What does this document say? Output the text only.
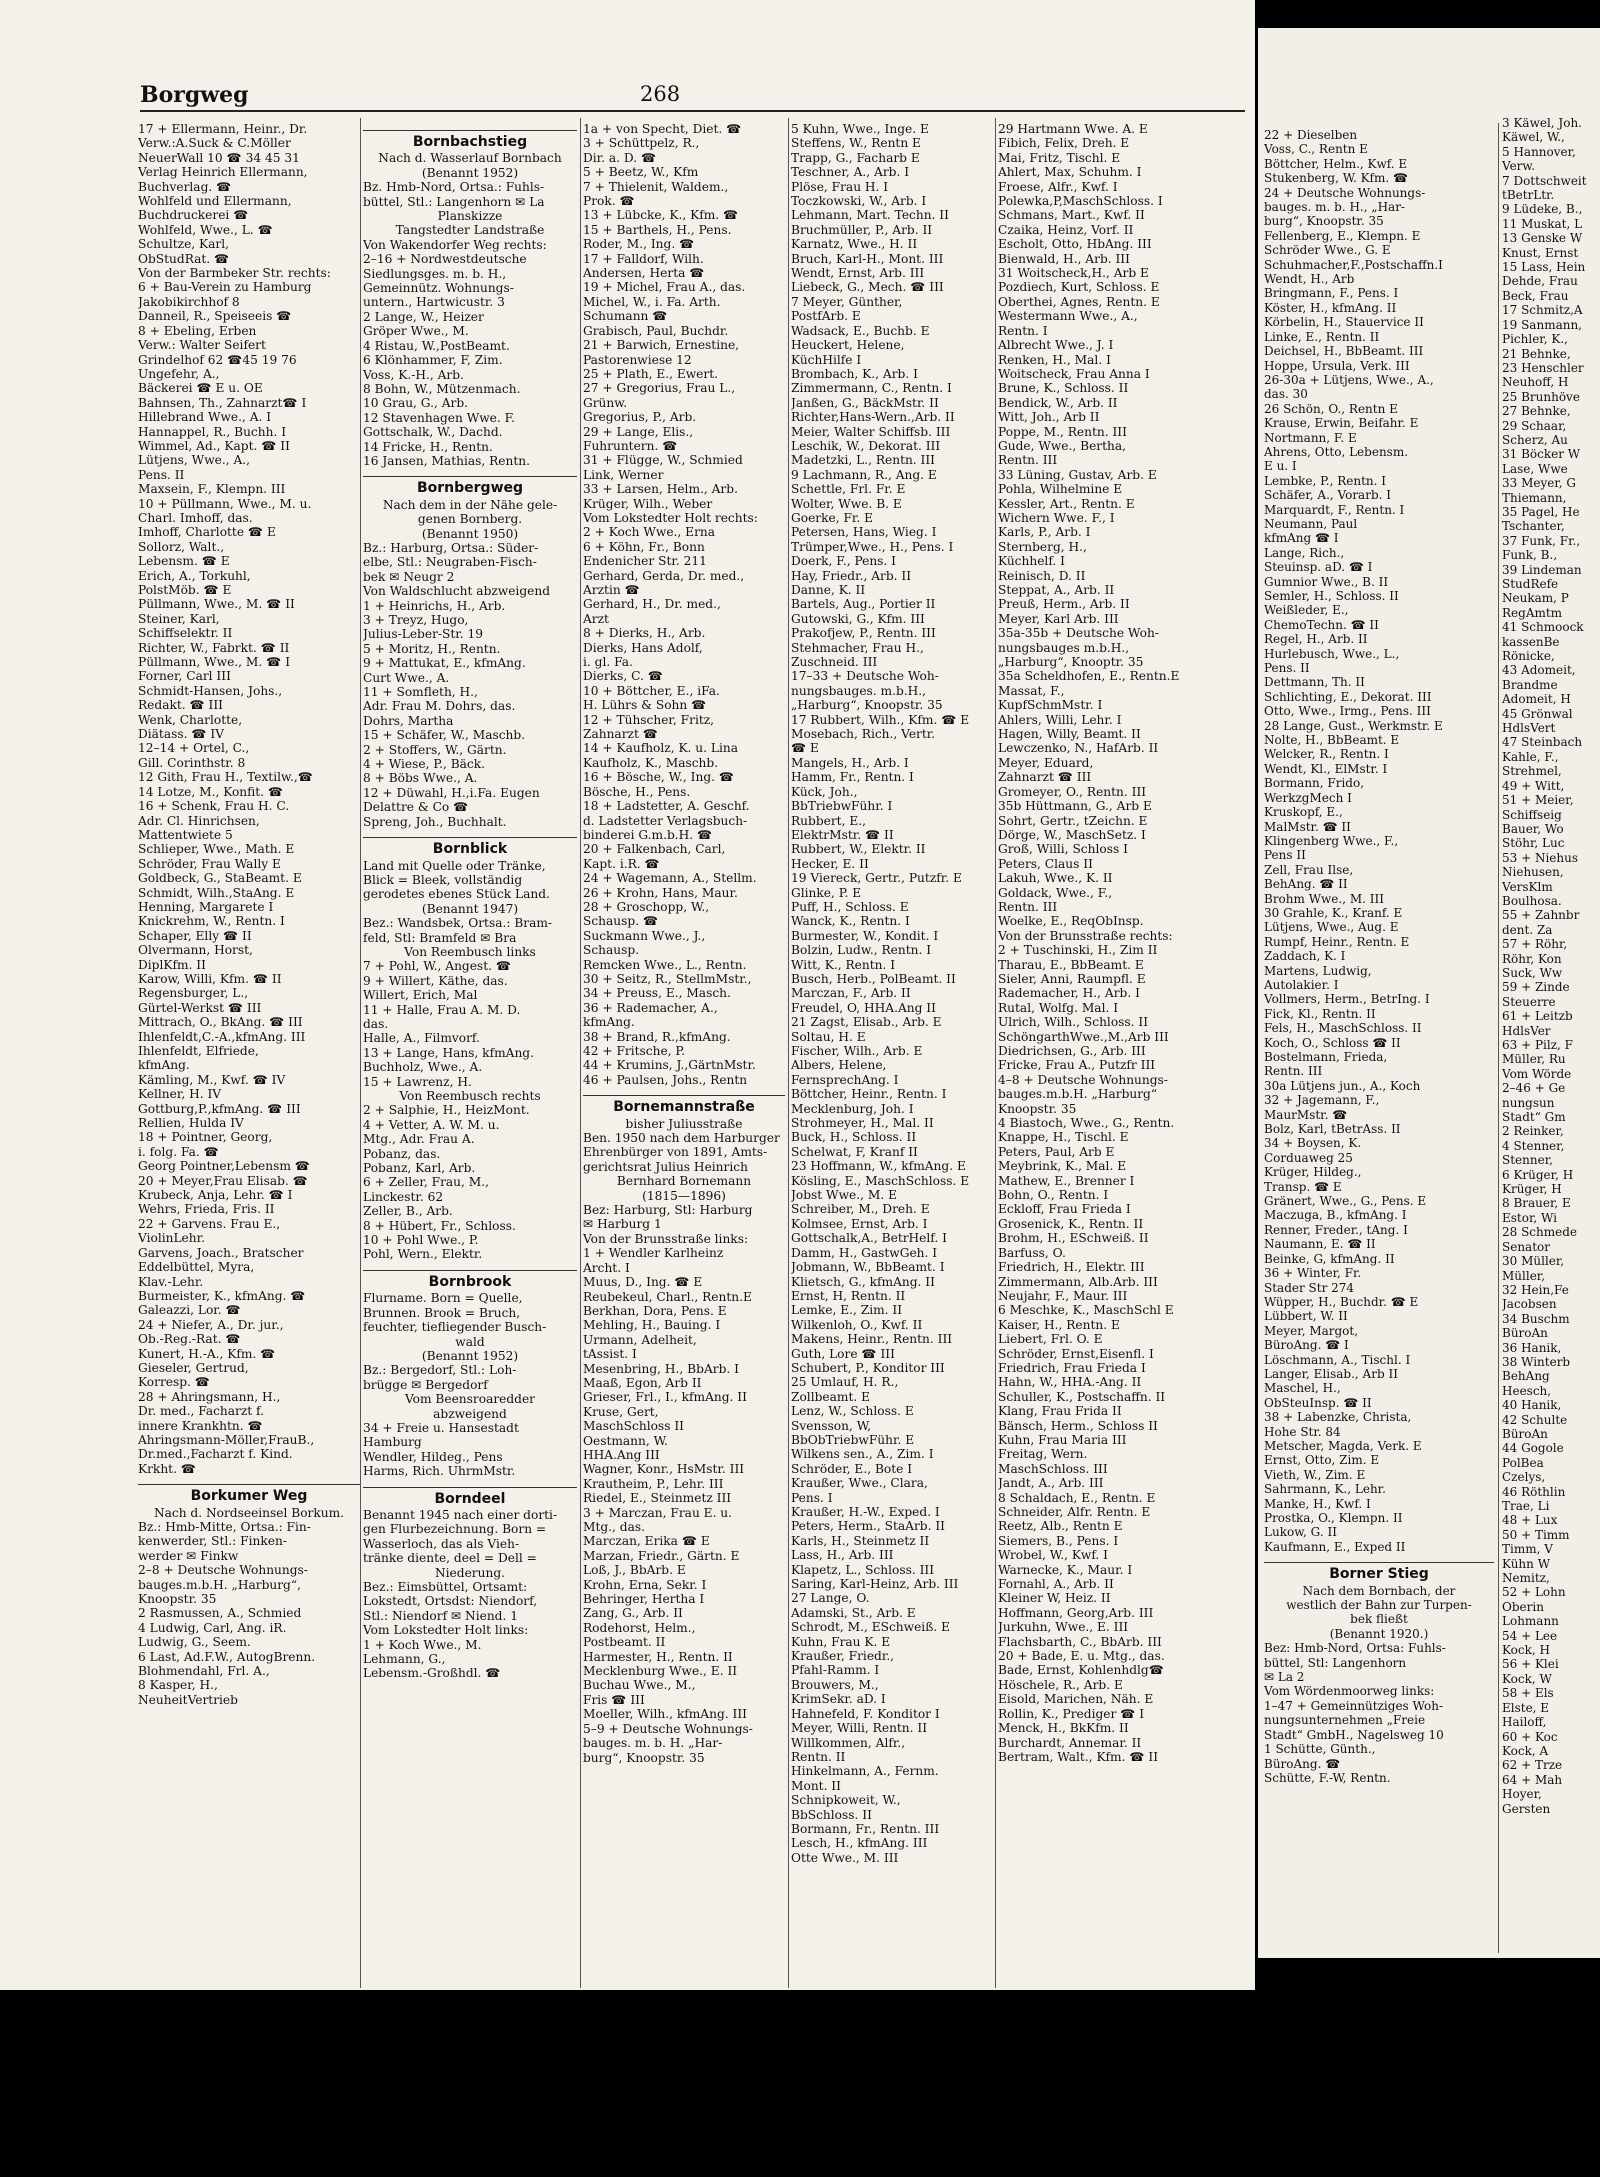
Borgweg	268
17 + Ellermann, Heinr., Dr.
Verw.:A.Suck & C.Möller
NeuerWall 10 ☎ 34 45 31
Verlag Heinrich Ellermann,
Buchverlag. ☎
Wohlfeld und Ellermann,
Buchdruckerei ☎
Wohlfeld, Wwe., L. ☎
Schultze, Karl,
ObStudRat. ☎
Von der Barmbeker Str. rechts:
6 + Bau-Verein zu Hamburg
Jakobikirchhof 8
Danneil, R., Speiseeis ☎
8 + Ebeling, Erben
Verw.: Walter Seifert
Grindelhof 62 ☎45 19 76
Ungefehr, A.,
Bäckerei ☎ E u. OE
Bahnsen, Th., Zahnarzt☎ I
Hillebrand Wwe., A. I
Hannappel, R., Buchh. I
Wimmel, Ad., Kapt. ☎ II
Lütjens, Wwe., A.,
Pens. II
Maxsein, F., Klempn. III
10 + Püllmann, Wwe., M. u.
Charl. Imhoff, das.
Imhoff, Charlotte ☎ E
Sollorz, Walt.,
Lebensm. ☎ E
Erich, A., Torkuhl,
PolstMöb. ☎ E
Püllmann, Wwe., M. ☎ II
Steiner, Karl,
Schiffselektr. II
Richter, W., Fabrkt. ☎ II
Püllmann, Wwe., M. ☎ I
Forner, Carl III
Schmidt-Hansen, Johs.,
Redakt. ☎ III
Wenk, Charlotte,
Diätass. ☎ IV
12–14 + Ortel, C.,
Gill. Corinthstr. 8
12 Gith, Frau H., Textilw.,☎
14 Lotze, M., Konfit. ☎
16 + Schenk, Frau H. C.
Adr. Cl. Hinrichsen,
Mattentwiete 5
Schlieper, Wwe., Math. E
Schröder, Frau Wally E
Goldbeck, G., StaBeamt. E
Schmidt, Wilh.,StaAng. E
Henning, Margarete I
Knickrehm, W., Rentn. I
Schaper, Elly ☎ II
Olvermann, Horst,
DiplKfm. II
Karow, Willi, Kfm. ☎ II
Regensburger, L.,
Gürtel-Werkst ☎ III
Mittrach, O., BkAng. ☎ III
Ihlenfeldt,C.-A.,kfmAng. III
Ihlenfeldt, Elfriede,
kfmAng.
Kämling, M., Kwf. ☎ IV
Kellner, H. IV
Gottburg,P.,kfmAng. ☎ III
Rellien, Hulda IV
18 + Pointner, Georg,
i. folg. Fa. ☎
Georg Pointner,Lebensm ☎
20 + Meyer,Frau Elisab. ☎
Krubeck, Anja, Lehr. ☎ I
Wehrs, Frieda, Fris. II
22 + Garvens. Frau E.,
ViolinLehr.
Garvens, Joach., Bratscher
Eddelbüttel, Myra,
Klav.-Lehr.
Burmeister, K., kfmAng. ☎
Galeazzi, Lor. ☎
24 + Niefer, A., Dr. jur.,
Ob.-Reg.-Rat. ☎
Kunert, H.-A., Kfm. ☎
Gieseler, Gertrud,
Korresp. ☎
28 + Ahringsmann, H.,
Dr. med., Facharzt f.
innere Krankhtn. ☎
Ahringsmann-Möller,FrauB.,
Dr.med.,Facharzt f. Kind.
Krkht. ☎
Borkumer Weg
Nach d. Nordseeinsel Borkum.
Bz.: Hmb-Mitte, Ortsa.: Fin-
kenwerder, Stl.: Finken-
werder ✉ Finkw
2–8 + Deutsche Wohnungs-
bauges.m.b.H. „Harburg“,
Knoopstr. 35
2 Rasmussen, A., Schmied
4 Ludwig, Carl, Ang. iR.
Ludwig, G., Seem.
6 Last, Ad.F.W., AutogBrenn.
Blohmendahl, Frl. A.,
8 Kasper, H.,
NeuheitVertrieb
Bornbachstieg
Nach d. Wasserlauf Bornbach
(Benannt 1952)
Bz. Hmb-Nord, Ortsa.: Fuhls-
büttel, Stl.: Langenhorn ✉ La
Planskizze
Tangstedter Landstraße
Von Wakendorfer Weg rechts:
2–16 + Nordwestdeutsche
Siedlungsges. m. b. H.,
Gemeinnütz. Wohnungs-
untern., Hartwicustr. 3
2 Lange, W., Heizer
Gröper Wwe., M.
4 Ristau, W.,PostBeamt.
6 Klönhammer, F, Zim.
Voss, K.-H., Arb.
8 Bohn, W., Mützenmach.
10 Grau, G., Arb.
12 Stavenhagen Wwe. F.
Gottschalk, W., Dachd.
14 Fricke, H., Rentn.
16 Jansen, Mathias, Rentn.
Bornbergweg
Nach dem in der Nähe gele-
genen Bornberg.
(Benannt 1950)
Bz.: Harburg, Ortsa.: Süder-
elbe, Stl.: Neugraben-Fisch-
bek ✉ Neugr 2
Von Waldschlucht abzweigend
1 + Heinrichs, H., Arb.
3 + Treyz, Hugo,
Julius-Leber-Str. 19
5 + Moritz, H., Rentn.
9 + Mattukat, E., kfmAng.
Curt Wwe., A.
11 + Somfleth, H.,
Adr. Frau M. Dohrs, das.
Dohrs, Martha
15 + Schäfer, W., Maschb.
2 + Stoffers, W., Gärtn.
4 + Wiese, P., Bäck.
8 + Böbs Wwe., A.
12 + Düwahl, H.,i.Fa. Eugen
Delattre & Co ☎
Spreng, Joh., Buchhalt.
Bornblick
Land mit Quelle oder Tränke,
Blick = Bleek, vollständig
gerodetes ebenes Stück Land.
(Benannt 1947)
Bez.: Wandsbek, Ortsa.: Bram-
feld, Stl: Bramfeld ✉ Bra
Von Reembusch links
7 + Pohl, W., Angest. ☎
9 + Willert, Käthe, das.
Willert, Erich, Mal
11 + Halle, Frau A. M. D.
das.
Halle, A., Filmvorf.
13 + Lange, Hans, kfmAng.
Buchholz, Wwe., A.
15 + Lawrenz, H.
Von Reembusch rechts
2 + Salphie, H., HeizMont.
4 + Vetter, A. W. M. u.
Mtg., Adr. Frau A.
Pobanz, das.
Pobanz, Karl, Arb.
6 + Zeller, Frau, M.,
Linckestr. 62
Zeller, B., Arb.
8 + Hübert, Fr., Schloss.
10 + Pohl Wwe., P.
Pohl, Wern., Elektr.
Bornbrook
Flurname. Born = Quelle,
Brunnen. Brook = Bruch,
feuchter, tiefliegender Busch-
wald
(Benannt 1952)
Bz.: Bergedorf, Stl.: Loh-
brügge ✉ Bergedorf
Vom Beensroaredder
abzweigend
34 + Freie u. Hansestadt
Hamburg
Wendler, Hildeg., Pens
Harms, Rich. UhrmMstr.
Borndeel
Benannt 1945 nach einer dorti-
gen Flurbezeichnung. Born =
Wasserloch, das als Vieh-
tränke diente, deel = Dell =
Niederung.
Bez.: Eimsbüttel, Ortsamt:
Lokstedt, Ortsdst: Niendorf,
Stl.: Niendorf ✉ Niend. 1
Vom Lokstedter Holt links:
1 + Koch Wwe., M.
Lehmann, G.,
Lebensm.-Großhdl. ☎
1a + von Specht, Diet. ☎
3 + Schüttpelz, R.,
Dir. a. D. ☎
5 + Beetz, W., Kfm
7 + Thielenit, Waldem.,
Prok. ☎
13 + Lübcke, K., Kfm. ☎
15 + Barthels, H., Pens.
Roder, M., Ing. ☎
17 + Falldorf, Wilh.
Andersen, Herta ☎
19 + Michel, Frau A., das.
Michel, W., i. Fa. Arth.
Schumann ☎
Grabisch, Paul, Buchdr.
21 + Barwich, Ernestine,
Pastorenwiese 12
25 + Plath, E., Ewert.
27 + Gregorius, Frau L.,
Grünw.
Gregorius, P., Arb.
29 + Lange, Elis.,
Fuhruntern. ☎
31 + Flügge, W., Schmied
Link, Werner
33 + Larsen, Helm., Arb.
Krüger, Wilh., Weber
Vom Lokstedter Holt rechts:
2 + Koch Wwe., Erna
6 + Köhn, Fr., Bonn
Endenicher Str. 211
Gerhard, Gerda, Dr. med.,
Arztin ☎
Gerhard, H., Dr. med.,
Arzt
8 + Dierks, H., Arb.
Dierks, Hans Adolf,
i. gl. Fa.
Dierks, C. ☎
10 + Böttcher, E., iFa.
H. Lührs & Sohn ☎
12 + Tühscher, Fritz,
Zahnarzt ☎
14 + Kaufholz, K. u. Lina
Kaufholz, K., Maschb.
16 + Bösche, W., Ing. ☎
Bösche, H., Pens.
18 + Ladstetter, A. Geschf.
d. Ladstetter Verlagsbuch-
binderei G.m.b.H. ☎
20 + Falkenbach, Carl,
Kapt. i.R. ☎
24 + Wagemann, A., Stellm.
26 + Krohn, Hans, Maur.
28 + Groschopp, W.,
Schausp. ☎
Suckmann Wwe., J.,
Schausp.
Remcken Wwe., L., Rentn.
30 + Seitz, R., StellmMstr.,
34 + Preuss, E., Masch.
36 + Rademacher, A.,
kfmAng.
38 + Brand, R.,kfmAng.
42 + Fritsche, P.
44 + Krumins, J.,GärtnMstr.
46 + Paulsen, Johs., Rentn
Bornemannstraße
bisher Juliusstraße
Ben. 1950 nach dem Harburger
Ehrenbürger von 1891, Amts-
gerichtsrat Julius Heinrich
Bernhard Bornemann
(1815—1896)
Bez: Harburg, Stl: Harburg
✉ Harburg 1
Von der Brunsstraße links:
1 + Wendler Karlheinz
Archt. I
Muus, D., Ing. ☎ E
Reubekeul, Charl., Rentn.E
Berkhan, Dora, Pens. E
Mehling, H., Bauing. I
Urmann, Adelheit,
tAssist. I
Mesenbring, H., BbArb. I
Maaß, Egon, Arb II
Grieser, Frl., I., kfmAng. II
Kruse, Gert,
MaschSchloss II
Oestmann, W.
HHA.Ang III
Wagner, Konr., HsMstr. III
Krautheim, P., Lehr. III
Riedel, E., Steinmetz III
3 + Marczan, Frau E. u.
Mtg., das.
Marczan, Erika ☎ E
Marzan, Friedr., Gärtn. E
Loß, J., BbArb. E
Krohn, Erna, Sekr. I
Behringer, Hertha I
Zang, G., Arb. II
Rodehorst, Helm.,
Postbeamt. II
Harmester, H., Rentn. II
Mecklenburg Wwe., E. II
Buchau Wwe., M.,
Fris ☎ III
Moeller, Wilh., kfmAng. III
5–9 + Deutsche Wohnungs-
bauges. m. b. H. „Har-
burg“, Knoopstr. 35
5 Kuhn, Wwe., Inge. E
Steffens, W., Rentn E
Trapp, G., Facharb E
Teschner, A., Arb. I
Plöse, Frau H. I
Toczkowski, W., Arb. I
Lehmann, Mart. Techn. II
Bruchmüller, P., Arb. II
Karnatz, Wwe., H. II
Bruch, Karl-H., Mont. III
Wendt, Ernst, Arb. III
Liebeck, G., Mech. ☎ III
7 Meyer, Günther,
PostfArb. E
Wadsack, E., Buchb. E
Heuckert, Helene,
KüchHilfe I
Brombach, K., Arb. I
Zimmermann, C., Rentn. I
Janßen, G., BäckMstr. II
Richter,Hans-Wern.,Arb. II
Meier, Walter Schiffsb. III
Leschik, W., Dekorat. III
Madetzki, L., Rentn. III
9 Lachmann, R., Ang. E
Schettle, Frl. Fr. E
Wolter, Wwe. B. E
Goerke, Fr. E
Petersen, Hans, Wieg. I
Trümper,Wwe., H., Pens. I
Doerk, F., Pens. I
Hay, Friedr., Arb. II
Danne, K. II
Bartels, Aug., Portier II
Gutowski, G., Kfm. III
Prakofjew, P., Rentn. III
Stehmacher, Frau H.,
Zuschneid. III
17–33 + Deutsche Woh-
nungsbauges. m.b.H.,
„Harburg“, Knoopstr. 35
17 Rubbert, Wilh., Kfm. ☎ E
Mosebach, Rich., Vertr.
☎ E
Mangels, H., Arb. I
Hamm, Fr., Rentn. I
Kück, Joh.,
BbTriebwFühr. I
Rubbert, E.,
ElektrMstr. ☎ II
Rubbert, W., Elektr. II
Hecker, E. II
19 Viereck, Gertr., Putzfr. E
Glinke, P. E
Puff, H., Schloss. E
Wanck, K., Rentn. I
Burmester, W., Kondit. I
Bolzin, Ludw., Rentn. I
Witt, K., Rentn. I
Busch, Herb., PolBeamt. II
Marczan, F., Arb. II
Freudel, O, HHA.Ang II
21 Zagst, Elisab., Arb. E
Soltau, H. E
Fischer, Wilh., Arb. E
Albers, Helene,
FernsprechAng. I
Böttcher, Heinr., Rentn. I
Mecklenburg, Joh. I
Strohmeyer, H., Mal. II
Buck, H., Schloss. II
Schelwat, F, Kranf II
23 Hoffmann, W., kfmAng. E
Kösling, E., MaschSchloss. E
Jobst Wwe., M. E
Schreiber, M., Dreh. E
Kolmsee, Ernst, Arb. I
Gottschalk,A., BetrHelf. I
Damm, H., GastwGeh. I
Jobmann, W., BbBeamt. I
Klietsch, G., kfmAng. II
Ernst, H, Rentn. II
Lemke, E., Zim. II
Wilkenloh, O., Kwf. II
Makens, Heinr., Rentn. III
Guth, Lore ☎ III
Schubert, P., Konditor III
25 Umlauf, H. R.,
Zollbeamt. E
Lenz, W., Schloss. E
Svensson, W,
BbObTriebwFühr. E
Wilkens sen., A., Zim. I
Schröder, E., Bote I
Kraußer, Wwe., Clara,
Pens. I
Kraußer, H.-W., Exped. I
Peters, Herm., StaArb. II
Karls, H., Steinmetz II
Lass, H., Arb. III
Klapetz, L., Schloss. III
Saring, Karl-Heinz, Arb. III
27 Lange, O.
Adamski, St., Arb. E
Schrodt, M., ESchweiß. E
Kuhn, Frau K. E
Kraußer, Friedr.,
Pfahl-Ramm. I
Brouwers, M.,
KrimSekr. aD. I
Hahnefeld, F. Konditor I
Meyer, Willi, Rentn. II
Willkommen, Alfr.,
Rentn. II
Hinkelmann, A., Fernm.
Mont. II
Schnipkoweit, W.,
BbSchloss. II
Bormann, Fr., Rentn. III
Lesch, H., kfmAng. III
Otte Wwe., M. III
29 Hartmann Wwe. A. E
Fibich, Felix, Dreh. E
Mai, Fritz, Tischl. E
Ahlert, Max, Schuhm. I
Froese, Alfr., Kwf. I
Polewka,P,MaschSchloss. I
Schmans, Mart., Kwf. II
Czaika, Heinz, Vorf. II
Escholt, Otto, HbAng. III
Bienwald, H., Arb. III
31 Woitscheck,H., Arb E
Pozdiech, Kurt, Schloss. E
Oberthei, Agnes, Rentn. E
Westermann Wwe., A.,
Rentn. I
Albrecht Wwe., J. I
Renken, H., Mal. I
Woitscheck, Frau Anna I
Brune, K., Schloss. II
Bendick, W., Arb. II
Witt, Joh., Arb II
Poppe, M., Rentn. III
Gude, Wwe., Bertha,
Rentn. III
33 Lüning, Gustav, Arb. E
Pohla, Wilhelmine E
Kessler, Art., Rentn. E
Wichern Wwe. F., I
Karls, P., Arb. I
Sternberg, H.,
Küchhelf. I
Reinisch, D. II
Steppat, A., Arb. II
Preuß, Herm., Arb. II
Meyer, Karl Arb. III
35a-35b + Deutsche Woh-
nungsbauges m.b.H.,
„Harburg“, Knooptr. 35
35a Scheldhofen, E., Rentn.E
Massat, F.,
KupfSchmMstr. I
Ahlers, Willi, Lehr. I
Hagen, Willy, Beamt. II
Lewczenko, N., HafArb. II
Meyer, Eduard,
Zahnarzt ☎ III
Gromeyer, O., Rentn. III
35b Hüttmann, G., Arb E
Sohrt, Gertr., tZeichn. E
Dörge, W., MaschSetz. I
Groß, Willi, Schloss I
Peters, Claus II
Lakuh, Wwe., K. II
Goldack, Wwe., F.,
Rentn. III
Woelke, E., ReqObInsp.
Von der Brunsstraße rechts:
2 + Tuschinski, H., Zim II
Tharau, E., BbBeamt. E
Sieler, Anni, Raumpfl. E
Rademacher, H., Arb. I
Rutal, Wolfg. Mal. I
Ulrich, Wilh., Schloss. II
SchöngarthWwe.,M.,Arb III
Diedrichsen, G., Arb. III
Fricke, Frau A., Putzfr III
4–8 + Deutsche Wohnungs-
bauges.m.b.H. „Harburg“
Knoopstr. 35
4 Biastoch, Wwe., G., Rentn.
Knappe, H., Tischl. E
Peters, Paul, Arb E
Meybrink, K., Mal. E
Mathew, E., Brenner I
Bohn, O., Rentn. I
Eckloff, Frau Frieda I
Grosenick, K., Rentn. II
Brohm, H., ESchweiß. II
Barfuss, O.
Friedrich, H., Elektr. III
Zimmermann, Alb.Arb. III
Neujahr, F., Maur. III
6 Meschke, K., MaschSchl E
Kaiser, H., Rentn. E
Liebert, Frl. O. E
Schröder, Ernst,Eisenfl. I
Friedrich, Frau Frieda I
Hahn, W., HHA.-Ang. II
Schuller, K., Postschaffn. II
Klang, Frau Frida II
Bänsch, Herm., Schloss II
Kuhn, Frau Maria III
Freitag, Wern.
MaschSchloss. III
Jandt, A., Arb. III
8 Schaldach, E., Rentn. E
Schneider, Alfr. Rentn. E
Reetz, Alb., Rentn E
Siemers, B., Pens. I
Wrobel, W., Kwf. I
Warnecke, K., Maur. I
Fornahl, A., Arb. II
Kleiner W, Heiz. II
Hoffmann, Georg,Arb. III
Jurkuhn, Wwe., E. III
Flachsbarth, C., BbArb. III
20 + Bade, E. u. Mtg., das.
Bade, Ernst, Kohlenhdlg☎
Höschele, R., Arb. E
Eisold, Marichen, Näh. E
Rollin, K., Prediger ☎ I
Menck, H., BkKfm. II
Burchardt, Annemar. II
Bertram, Walt., Kfm. ☎ II
22 + Dieselben
Voss, C., Rentn E
Böttcher, Helm., Kwf. E
Stukenberg, W. Kfm. ☎
24 + Deutsche Wohnungs-
bauges. m. b. H., „Har-
burg“, Knoopstr. 35
Fellenberg, E., Klempn. E
Schröder Wwe., G. E
Schuhmacher,F.,Postschaffn.I
Wendt, H., Arb
Bringmann, F., Pens. I
Köster, H., kfmAng. II
Körbelin, H., Stauervice II
Linke, E., Rentn. II
Deichsel, H., BbBeamt. III
Hoppe, Ursula, Verk. III
26-30a + Lütjens, Wwe., A.,
das. 30
26 Schön, O., Rentn E
Krause, Erwin, Beifahr. E
Nortmann, F. E
Ahrens, Otto, Lebensm.
E u. I
Lembke, P., Rentn. I
Schäfer, A., Vorarb. I
Marquardt, F., Rentn. I
Neumann, Paul
kfmAng ☎ I
Lange, Rich.,
Steuinsp. aD. ☎ I
Gumnior Wwe., B. II
Semler, H., Schloss. II
Weißleder, E.,
ChemoTechn. ☎ II
Regel, H., Arb. II
Hurlebusch, Wwe., L.,
Pens. II
Dettmann, Th. II
Schlichting, E., Dekorat. III
Otto, Wwe., Irmg., Pens. III
28 Lange, Gust., Werkmstr. E
Nolte, H., BbBeamt. E
Welcker, R., Rentn. I
Wendt, Kl., ElMstr. I
Bormann, Frido,
WerkzgMech I
Kruskopf, E.,
MalMstr. ☎ II
Klingenberg Wwe., F.,
Pens II
Zell, Frau Ilse,
BehAng. ☎ II
Brohm Wwe., M. III
30 Grahle, K., Kranf. E
Lütjens, Wwe., Aug. E
Rumpf, Heinr., Rentn. E
Zaddach, K. I
Martens, Ludwig,
Autolakier. I
Vollmers, Herm., BetrIng. I
Fick, Kl., Rentn. II
Fels, H., MaschSchloss. II
Koch, O., Schloss ☎ II
Bostelmann, Frieda,
Rentn. III
30a Lütjens jun., A., Koch
32 + Jagemann, F.,
MaurMstr. ☎
Bolz, Karl, tBetrAss. II
34 + Boysen, K.
Corduaweg 25
Krüger, Hildeg.,
Transp. ☎ E
Gränert, Wwe., G., Pens. E
Maczuga, B., kfmAng. I
Renner, Freder., tAng. I
Naumann, E. ☎ II
Beinke, G, kfmAng. II
36 + Winter, Fr.
Stader Str 274
Wüpper, H., Buchdr. ☎ E
Lübbert, W. II
Meyer, Margot,
BüroAng. ☎ I
Löschmann, A., Tischl. I
Langer, Elisab., Arb II
Maschel, H.,
ObSteuInsp. ☎ II
38 + Labenzke, Christa,
Hohe Str. 84
Metscher, Magda, Verk. E
Ernst, Otto, Zim. E
Vieth, W., Zim. E
Sahrmann, K., Lehr.
Manke, H., Kwf. I
Prostka, O., Klempn. II
Lukow, G. II
Kaufmann, E., Exped II
Borner Stieg
Nach dem Bornbach, der
westlich der Bahn zur Turpen-
bek fließt
(Benannt 1920.)
Bez: Hmb-Nord, Ortsa: Fuhls-
büttel, Stl: Langenhorn
✉ La 2
Vom Wördenmoorweg links:
1–47 + Gemeinnütziges Woh-
nungsunternehmen „Freie
Stadt“ GmbH., Nagelsweg 10
1 Schütte, Günth.,
BüroAng. ☎
Schütte, F.-W, Rentn.
3 Käwel, Joh.
Käwel, W.,
5 Hannover,
Verw.
7 Dottschweit
tBetrLtr.
9 Lüdeke, B.,
11 Muskat, L
13 Genske W
Knust, Ernst
15 Lass, Hein
Dehde, Frau
Beck, Frau
17 Schmitz,A
19 Sanmann,
Pichler, K.,
21 Behnke,
23 Henschler
Neuhoff, H
25 Brunhöve
27 Behnke,
29 Schaar,
Scherz, Au
31 Böcker W
Lase, Wwe
33 Meyer, G
Thiemann,
35 Pagel, He
Tschanter,
37 Funk, Fr.,
Funk, B.,
39 Lindeman
StudRefe
Neukam, P
RegAmtm
41 Schmoock
kassenBe
Rönicke,
43 Adomeit,
Brandme
Adomeit, H
45 Grönwal
HdlsVert
47 Steinbach
Kahle, F.,
Strehmel,
49 + Witt,
51 + Meier,
Schiffseig
Bauer, Wo
Stöhr, Luc
53 + Niehus
Niehusen,
VersKlm
Boulhosa.
55 + Zahnbr
dent. Za
57 + Röhr,
Röhr, Kon
Suck, Ww
59 + Zinde
Steuerre
61 + Leitzb
HdlsVer
63 + Pilz, F
Müller, Ru
Vom Wörde
2–46 + Ge
nungsun
Stadt“ Gm
2 Reinker,
4 Stenner,
Stenner,
6 Krüger, H
Krüger, H
8 Brauer, E
Estor, Wi
28 Schmede
Senator
30 Müller,
Müller,
32 Hein,Fe
Jacobsen
34 Buschm
BüroAn
36 Hanik,
38 Winterb
BehAng
Heesch,
40 Hanik,
42 Schulte
BüroAn
44 Gogole
PolBea
Czelys,
46 Röthlin
Trae, Li
48 + Lux
50 + Timm
Timm, V
Kühn W
Nemitz,
52 + Lohn
Oberin
Lohmann
54 + Lee
Kock, H
56 + Klei
Kock, W
58 + Els
Elste, E
Hailoff,
60 + Koc
Kock, A
62 + Trze
64 + Mah
Hoyer,
Gersten
